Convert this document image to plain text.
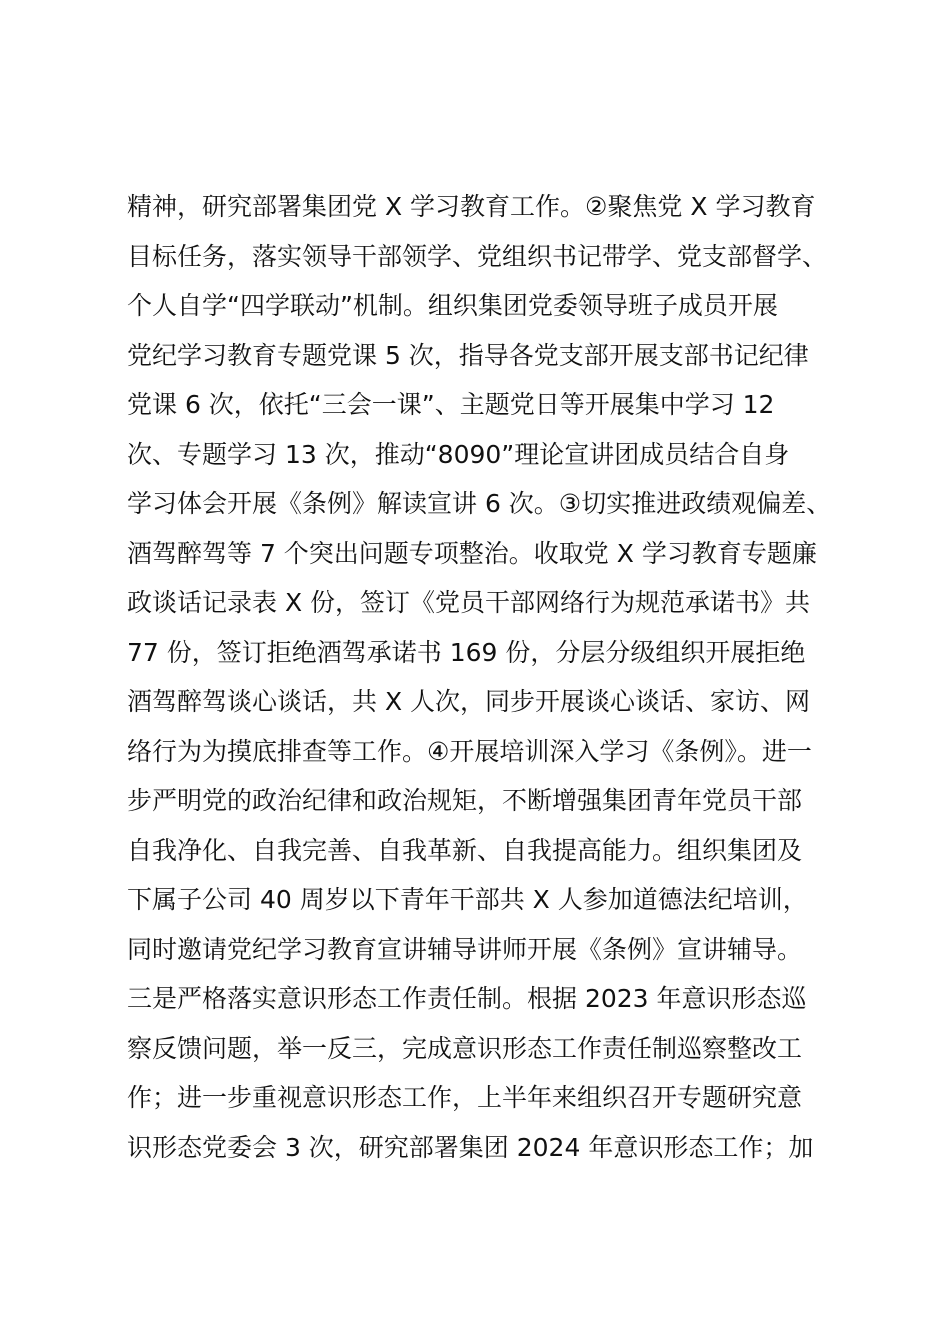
精神，研究部署集团党 X 学习教育工作。②聚焦党 X 学习教育
目标任务，落实领导干部领学、党组织书记带学、党支部督学、
个人自学“四学联动”机制。组织集团党委领导班子成员开展
党纪学习教育专题党课 5 次，指导各党支部开展支部书记纪律
党课 6 次，依托“三会一课”、主题党日等开展集中学习 12
次、专题学习 13 次，推动“8090”理论宣讲团成员结合自身
学习体会开展《条例》解读宣讲 6 次。③切实推进政绩观偏差、
酒驾醉驾等 7 个突出问题专项整治。收取党 X 学习教育专题廉
政谈话记录表 X 份，签订《党员干部网络行为规范承诺书》共
77 份，签订拒绝酒驾承诺书 169 份，分层分级组织开展拒绝
酒驾醉驾谈心谈话，共 X 人次，同步开展谈心谈话、家访、网
络行为为摸底排查等工作。④开展培训深入学习《条例》。进一
步严明党的政治纪律和政治规矩，不断增强集团青年党员干部
自我净化、自我完善、自我革新、自我提高能力。组织集团及
下属子公司 40 周岁以下青年干部共 X 人参加道德法纪培训，
同时邀请党纪学习教育宣讲辅导讲师开展《条例》宣讲辅导。
三是严格落实意识形态工作责任制。根据 2023 年意识形态巡
察反馈问题，举一反三，完成意识形态工作责任制巡察整改工
作；进一步重视意识形态工作，上半年来组织召开专题研究意
识形态党委会 3 次，研究部署集团 2024 年意识形态工作；加
